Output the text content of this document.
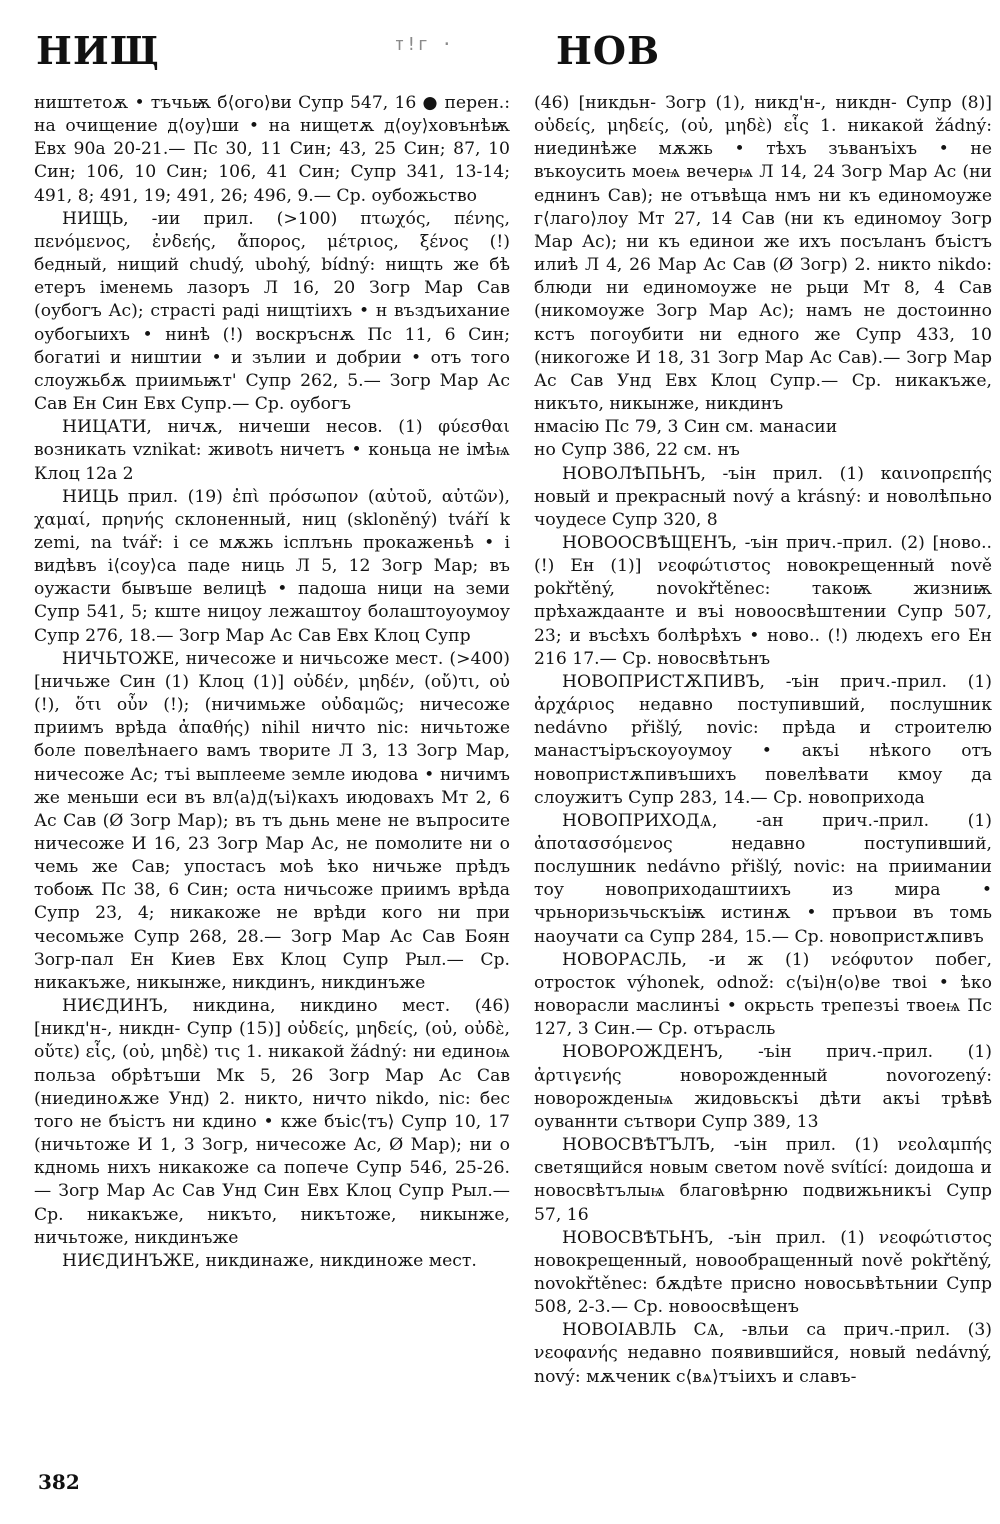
НИЩ	т!г ·	НОВ

ништетоѫ • тъчьѭ б⟨ого⟩ви Супр 547, 16 ● перен.: на очищение д⟨оу⟩ши • на нищетѫ д⟨оу⟩ховънѣѭ Евх 90а 20-21.— Пс 30, 11 Син; 43, 25 Син; 87, 10 Син; 106, 10 Син; 106, 41 Син; Супр 341, 13-14; 491, 8; 491, 19; 491, 26; 496, 9.— Ср. оубожьство

НИЩЬ, -ии прил. (>100) πτωχός, πένης, πενόμενος, ἐνδεής, ἄπορος, μέτριος, ξένος (!) бедный, нищий chudý, ubohý, bídný: нищть же бѣ етеръ іменемь лазоръ Л 16, 20 Зогр Мар Сав (оубогъ Ас); страсті раді нищтіихъ • н въздъихание оубогыихъ • нинѣ (!) воскръснѫ Пс 11, 6 Син; богатиі и ништии • и зълии и добрии • отъ того слоужьбѫ приимьѭт' Супр 262, 5.— Зогр Мар Ас Сав Ен Син Евх Супр.— Ср. оубогъ

НИЦАТИ, ничѫ, ничеши несов. (1) φύεσθαι возникать vznikat: живоtъ ничетъ • коньца не імѣѩ Клоц 12а 2

НИЦЬ прил. (19) ἐπὶ πρόσωπον (αὐτοῦ, αὐτῶν), χαμαί, πρηνής склоненный, ниц (skloněný) tváří k zemi, na tvář: і се мѫжь ісплънь прокаженьѣ • і видѣвъ і⟨соу⟩са паде ниць Л 5, 12 Зогр Мар; въ оужасти бывъше велицѣ • падоша ници на земи Супр 541, 5; кште ницоу лежаштоу болаштоуоумоу Супр 276, 18.— Зогр Мар Ас Сав Евх Клоц Супр

НИЧЬТОЖЕ, ничесоже и ничьсоже мест. (>400) [ничьже Син (1) Клоц (1)] οὐδέν, μηδέν, (οὔ)τι, οὐ (!), ὅτι οὖν (!); (ничимьже οὐδαμῶς; ничесоже приимъ врѣда ἀπαθής) nihil ничто nic: ничьтоже боле повелѣнаего вамъ творите Л 3, 13 Зогр Мар, ничесоже Ас; тъі выплееме земле июдова • ничимъ же меньши еси въ вл⟨а⟩д⟨ъі⟩кахъ июдовахъ Мт 2, 6 Ас Сав (Ø Зогр Мар); въ тъ дьнь мене не въпросите ничесоже И 16, 23 Зогр Мар Ас, не помолите ни о чемь же Сав; упостасъ моѣ ѣко ничьже прѣдъ тобоѭ Пс 38, 6 Син; оста ничьсоже приимъ врѣда Супр 23, 4; никакоже не врѣди кого ни при чесомьже Супр 268, 28.— Зогр Мар Ас Сав Боян Зогр-пал Ен Киев Евх Клоц Супр Рыл.— Ср. никакъже, никынже, никдинъ, никдинъже

НИЄДИНЪ, никдина, никдино мест. (46) [никд'н-, никдн- Супр (15)] οὐδείς, μηδείς, (οὐ, οὐδὲ, οὔτε) εἷς, (οὐ, μηδὲ) τις 1. никакой žádný: ни единоѩ польза обрѣтъши Мк 5, 26 Зогр Мар Ас Сав (ниединоѫже Унд) 2. никто, ничто nikdo, nic: бес того не бъістъ ни кдино • кже бъіс⟨тъ⟩ Супр 10, 17 (ничьтоже И 1, 3 Зогр, ничесоже Ас, Ø Мар); ни о кдномь нихъ никакоже са попече Супр 546, 25-26.— Зогр Мар Ас Сав Унд Син Евх Клоц Супр Рыл.— Ср. никакъже, никъто, никътоже, никынже, ничьтоже, никдинъже

НИЄДИНЪЖЕ, никдинаже, никдиноже мест.

(46) [никдьн- Зогр (1), никд'н-, никдн- Супр (8)] οὐδείς, μηδείς, (οὐ, μηδὲ) εἷς 1. никакой žádný: ниединѣже мѫжь • тѣхъ зъванъіхъ • не въкоусить моеѩ вечерѩ Л 14, 24 Зогр Мар Ас (ни еднинъ Сав); не отъвѣща нмъ ни къ единомоуже г⟨лаго⟩лоу Мт 27, 14 Сав (ни къ единомоу Зогр Мар Ас); ни къ единои же ихъ посъланъ бъістъ илиѣ Л 4, 26 Мар Ас Сав (Ø Зогр) 2. никто nikdo: блюди ни единомоуже не рьци Мт 8, 4 Сав (никомоуже Зогр Мар Ас); намъ не достоинно кстъ погоубити ни едного же Супр 433, 10 (никогоже И 18, 31 Зогр Мар Ас Сав).— Зогр Мар Ас Сав Унд Евх Клоц Супр.— Ср. никакъже, никъто, никынже, никдинъ

нмасію Пс 79, 3 Син см. манасии
но Супр 386, 22 см. нъ

НОВОЛѢПЬНЪ, -ъін прил. (1) καινοπρεπής новый и прекрасный nový a krásný: и новолѣпьно чоудесе Супр 320, 8

НОВООСВѢЩЕНЪ, -ъін прич.-прил. (2) [ново.. (!) Ен (1)] νεοφώτιστος новокрещенный nově pokřtěný, novokřtěnec: такоѭ жизниѭ прѣхаждаанте и въі новоосвѣштении Супр 507, 23; и въсѣхъ болѣрѣхъ • ново.. (!) людехъ его Ен 216 17.— Ср. новосвѣтьнъ

НОВОПРИСТѪПИВЪ, -ъін прич.-прил. (1) ἀρχάριος недавно поступивший, послушник nedávno přišlý, novic: прѣда и строителю манастъіръскоуоумоу • акъі нѣкого отъ новопристѫпивъшихъ повелѣвати кмоу да слоужитъ Супр 283, 14.— Ср. новоприхода

НОВОПРИХОДѦ, -ан прич.-прил. (1) ἀποτασσόμενος недавно поступивший, послушник nedávno přišlý, novic: на приимании тоу новоприходаштиихъ из мира • чрьноризьчьскъіѭ истинѫ • пръвои въ томь наоучати са Супр 284, 15.— Ср. новопристѫпивъ

НОВОРАСЛЬ, -и ж (1) νεόφυτον побег, отросток výhonek, odnož: с⟨ъі⟩н⟨о⟩ве твоі • ѣко новорасли маслинъі • окрьсть трепезъі твоеѩ Пс 127, 3 Син.— Ср. отърасль

НОВОРОЖДЕНЪ, -ъін прич.-прил. (1) ἀρτιγενής новорожденный novorozený: новорожденыѩ жидовьскъі дѣти акъі трѣвѣ оуваннти сътвори Супр 389, 13

НОВОСВѢТЪЛЪ, -ъін прил. (1) νεολαμπής светящийся новым светом nově svítící: доидоша и новосвѣтълыѩ благовѣрню подвижьникъі Супр 57, 16

НОВОСВѢТЬНЪ, -ъін прил. (1) νεοφώτιστος новокрещенный, новообращенный nově pokřtěný, novokřtěnec: бѫдѣте присно новосьвѣтьнии Супр 508, 2-3.— Ср. новоосвѣщенъ

НОВОІАВЛЬ СѦ, -вльи са прич.-прил. (3) νεοφανής недавно появившийся, новый nedávný, nový: мѫченик с⟨вѧ⟩тъіихъ и славъ-

382
